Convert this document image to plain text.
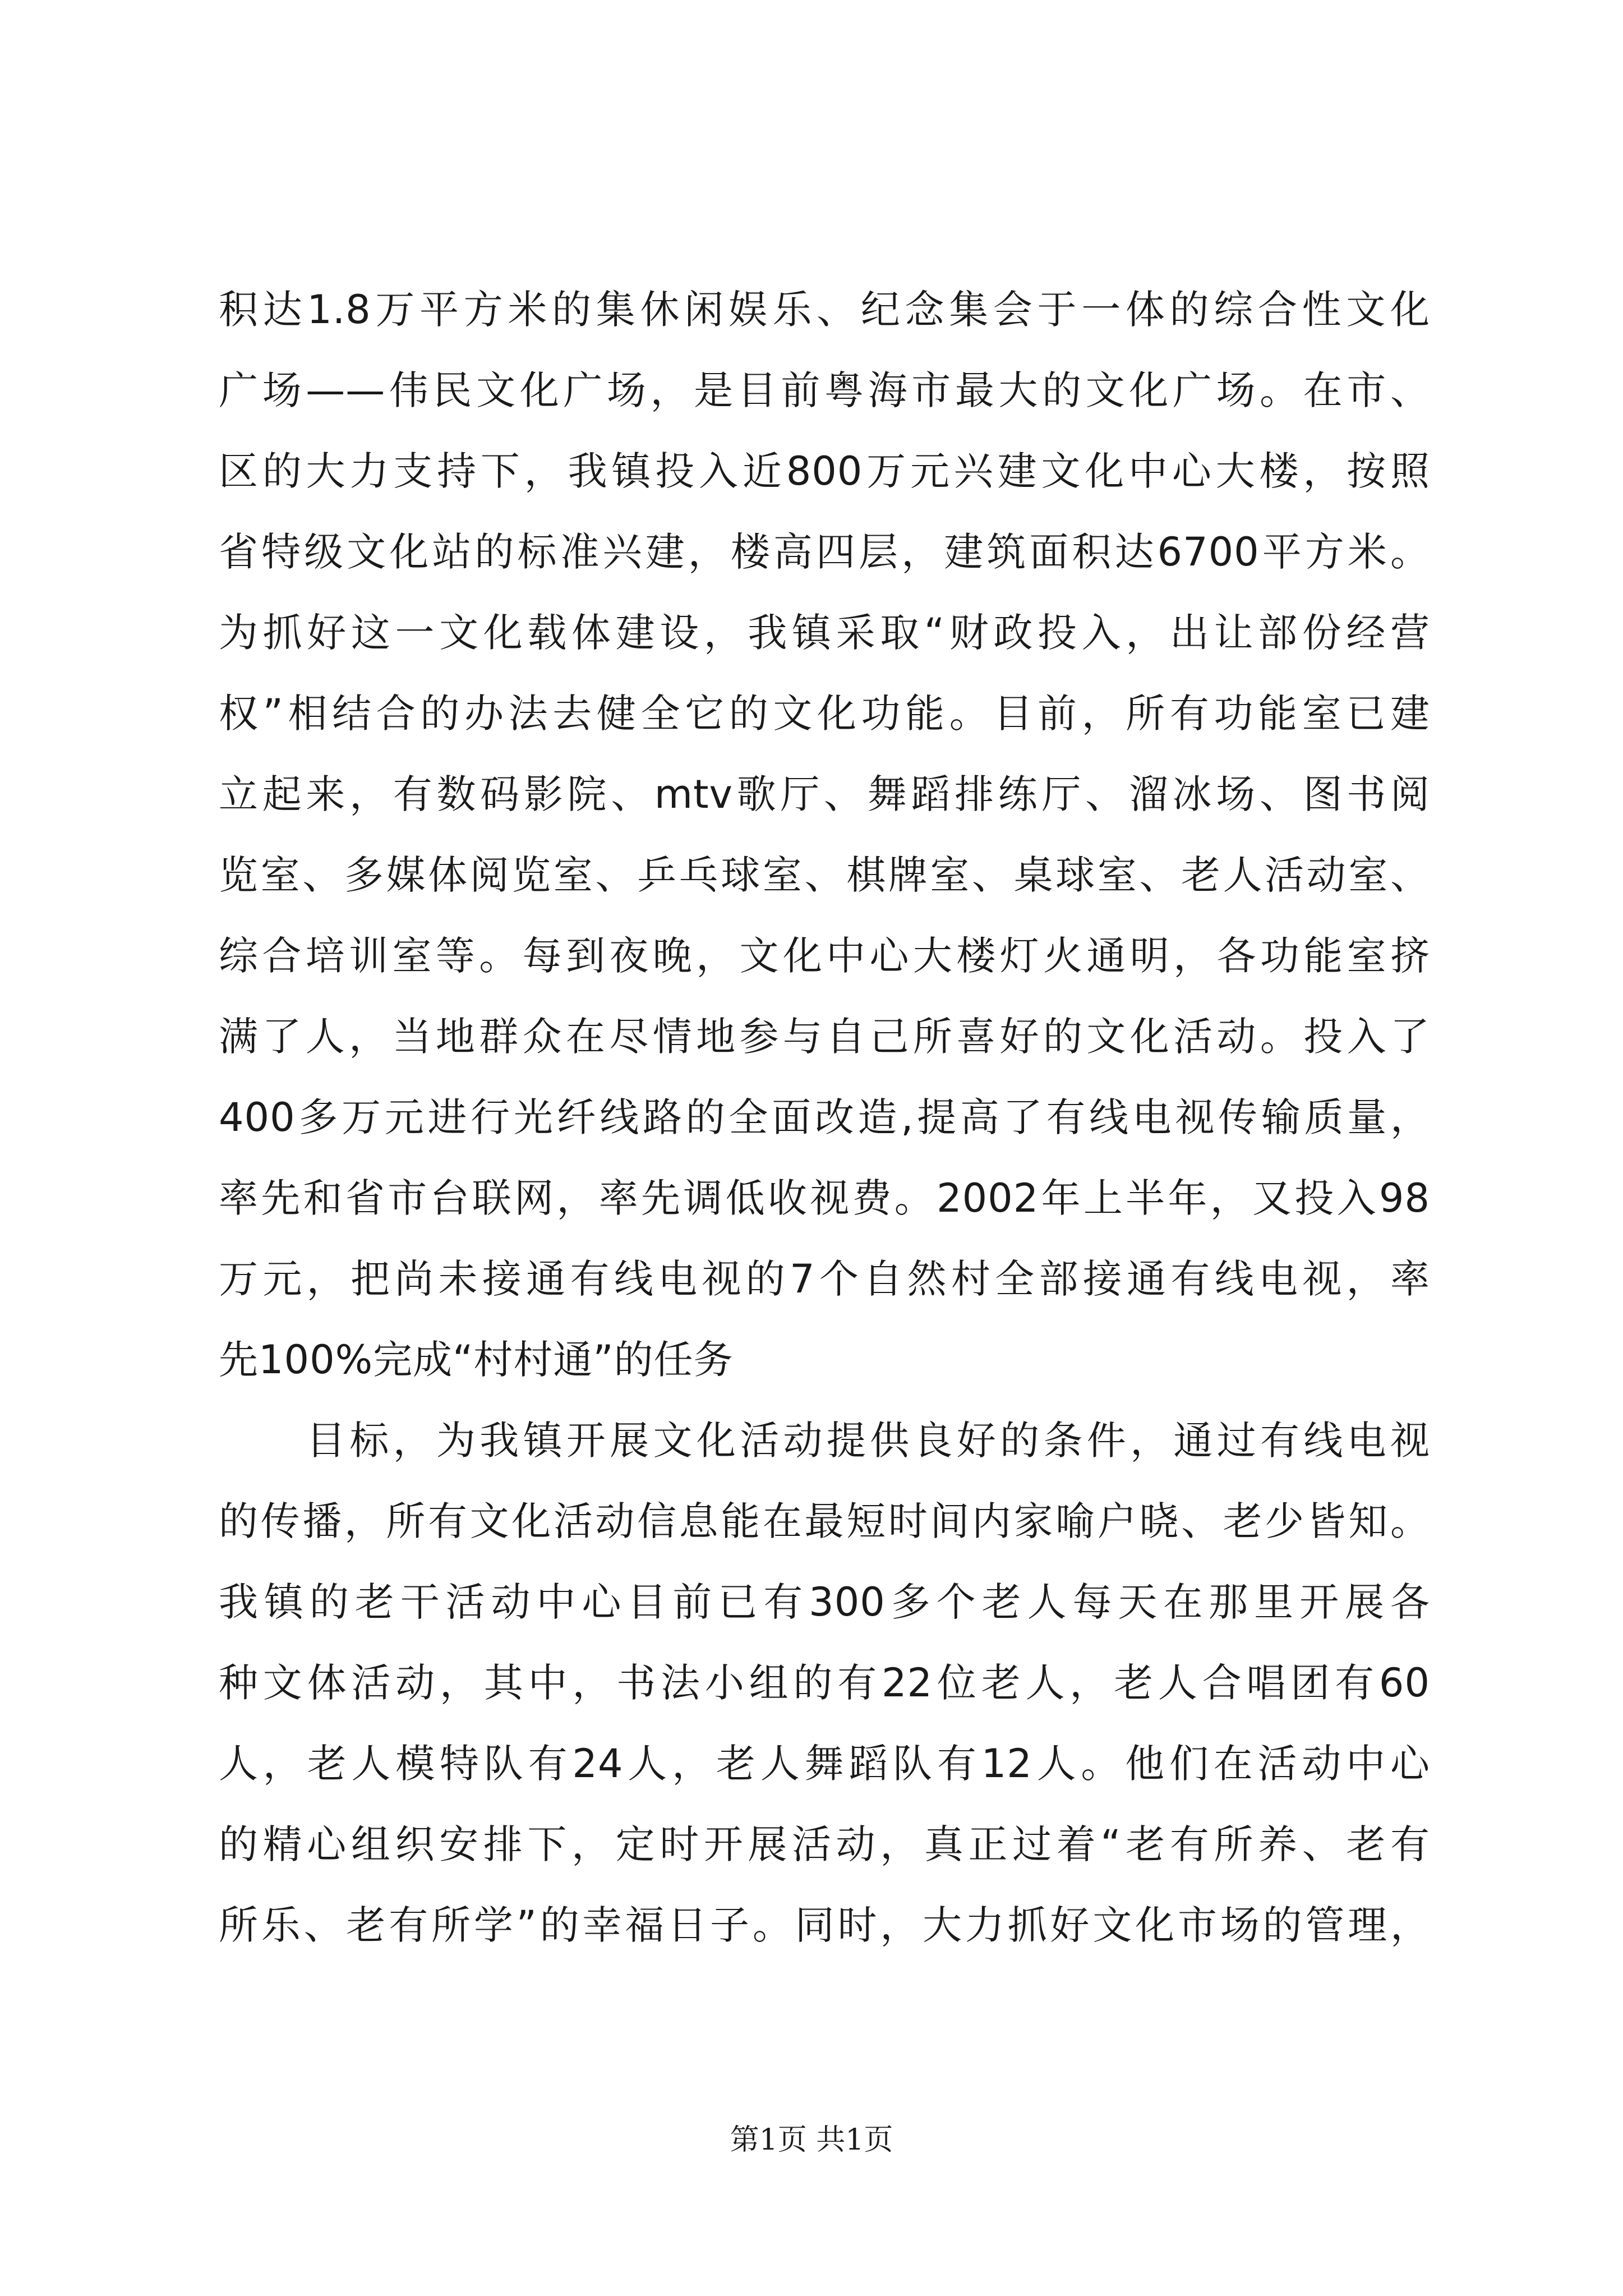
积达1.8万平方米的集休闲娱乐、纪念集会于一体的综合性文化
广场——伟民文化广场，是目前粤海市最大的文化广场。在市、
区的大力支持下，我镇投入近800万元兴建文化中心大楼，按照
省特级文化站的标准兴建，楼高四层，建筑面积达6700平方米。
为抓好这一文化载体建设，我镇采取“财政投入，出让部份经营
权”相结合的办法去健全它的文化功能。目前，所有功能室已建
立起来，有数码影院、mtv歌厅、舞蹈排练厅、溜冰场、图书阅
览室、多媒体阅览室、乒乓球室、棋牌室、桌球室、老人活动室、
综合培训室等。每到夜晚，文化中心大楼灯火通明，各功能室挤
满了人，当地群众在尽情地参与自己所喜好的文化活动。投入了
400多万元进行光纤线路的全面改造,提高了有线电视传输质量，
率先和省市台联网，率先调低收视费。2002年上半年，又投入98
万元，把尚未接通有线电视的7个自然村全部接通有线电视，率
先100%完成“村村通”的任务
目标，为我镇开展文化活动提供良好的条件，通过有线电视
的传播，所有文化活动信息能在最短时间内家喻户晓、老少皆知。
我镇的老干活动中心目前已有300多个老人每天在那里开展各
种文体活动，其中，书法小组的有22位老人，老人合唱团有60
人，老人模特队有24人，老人舞蹈队有12人。他们在活动中心
的精心组织安排下，定时开展活动，真正过着“老有所养、老有
所乐、老有所学”的幸福日子。同时，大力抓好文化市场的管理，
第1页 共1页
